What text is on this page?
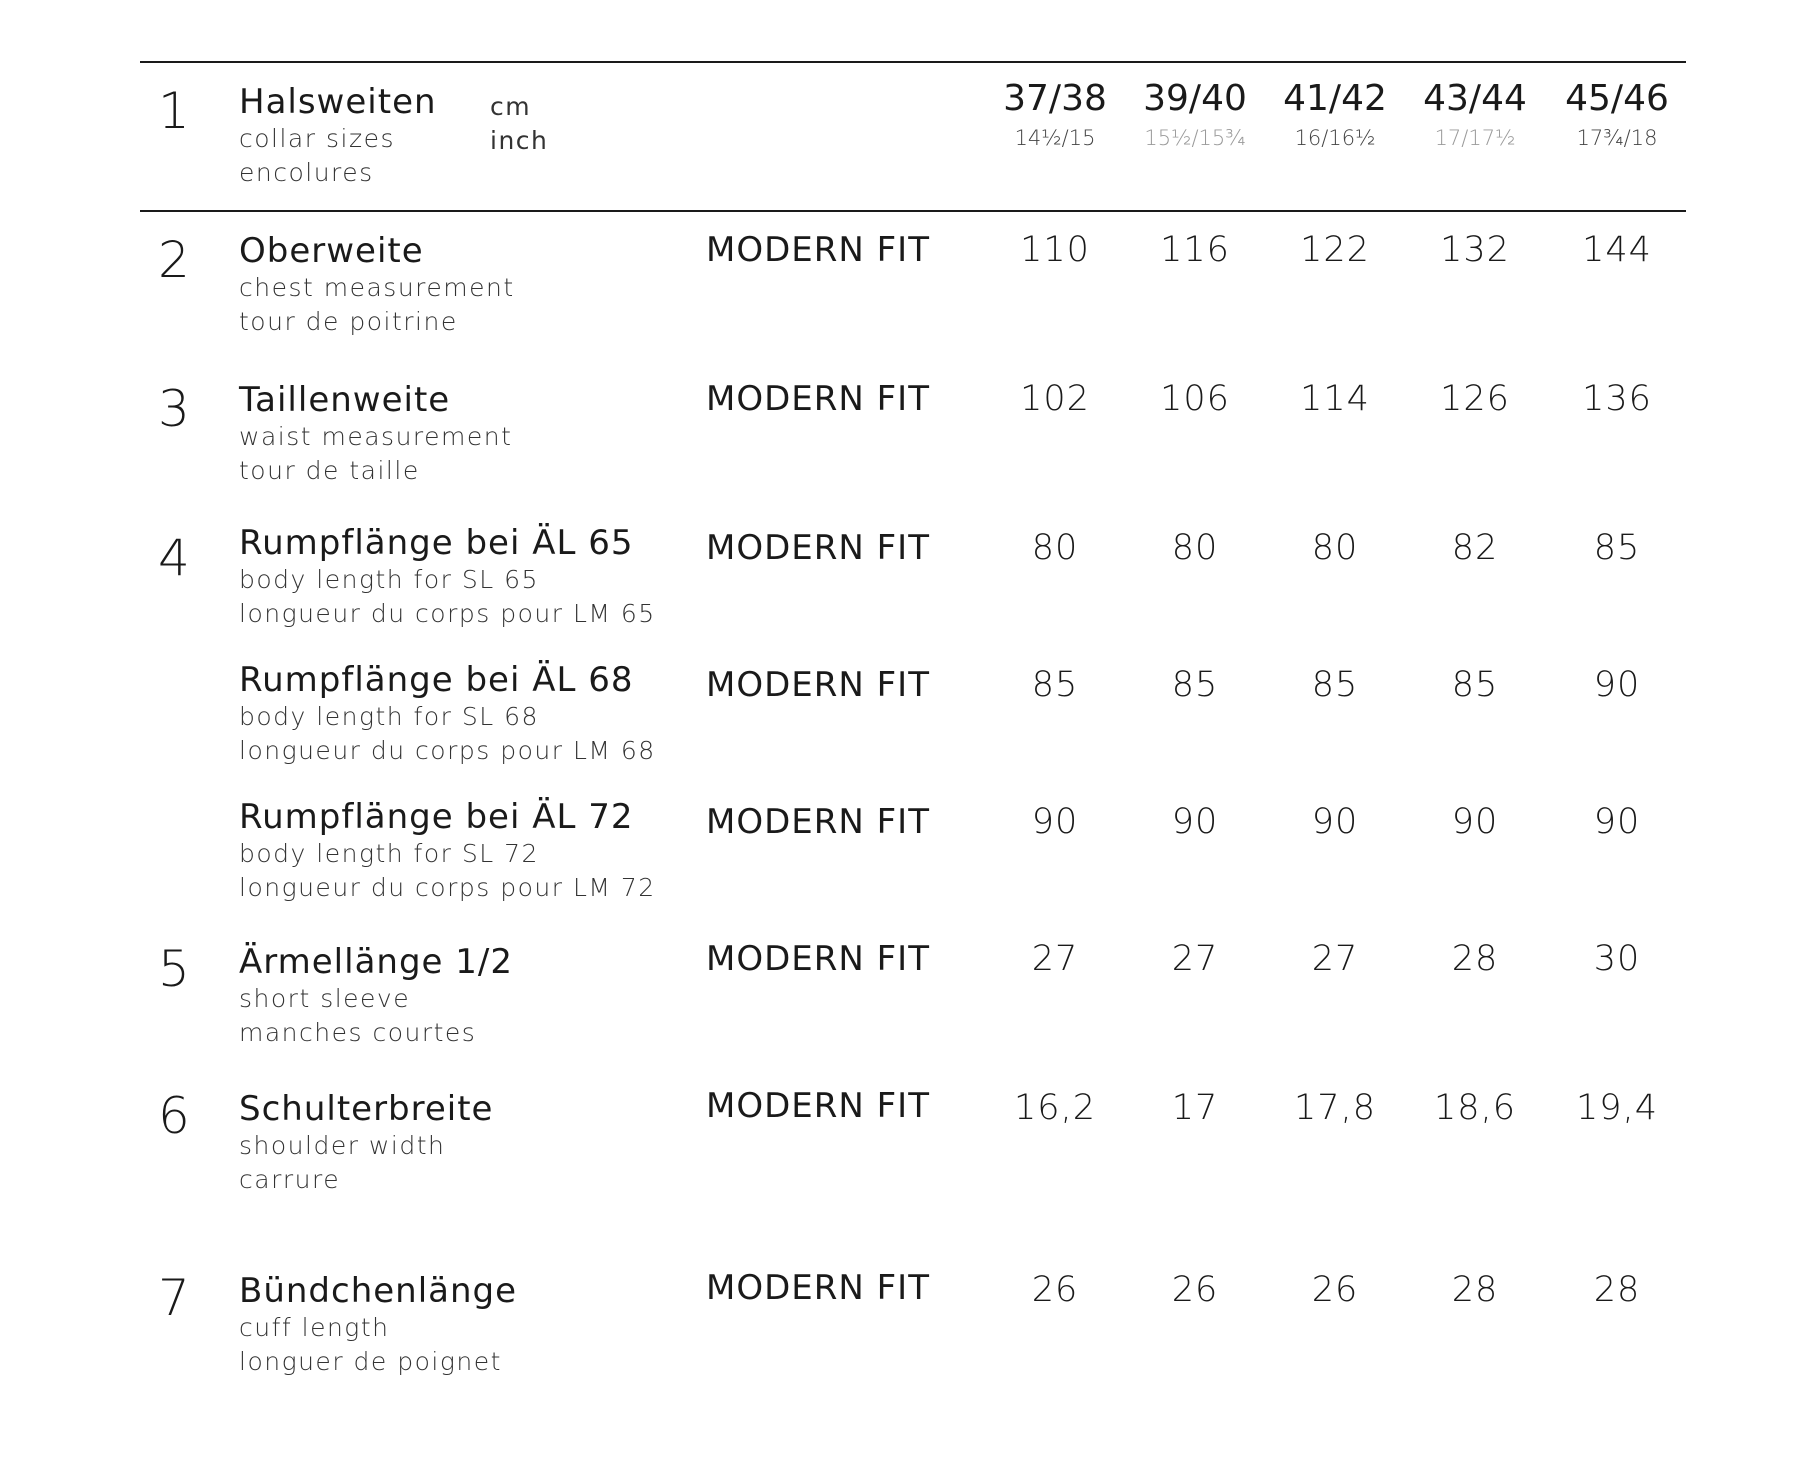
1 Halsweiten
collar sizes
encolures
cm
inch
37/38	39/40	41/42	43/44	45/46
14½/15	15½/15¾	16/16½	17/17½	17¾/18
2 Oberweite
chest measurement
tour de poitrine
MODERN FIT	110	116	122	132	144
3 Taillenweite
waist measurement
tour de taille
MODERN FIT	102	106	114	126	136
4 Rumpflänge bei ÄL 65
body length for SL 65
longueur du corps pour LM 65
MODERN FIT	80	80	80	82	85
Rumpflänge bei ÄL 68
body length for SL 68
longueur du corps pour LM 68
MODERN FIT	85	85	85	85	90
Rumpflänge bei ÄL 72
body length for SL 72
longueur du corps pour LM 72
MODERN FIT	90	90	90	90	90
5 Ärmellänge 1/2
short sleeve
manches courtes
MODERN FIT	27	27	27	28	30
6 Schulterbreite
shoulder width
carrure
MODERN FIT	16,2	17	17,8	18,6	19,4
7 Bündchenlänge
cuff length
longuer de poignet
MODERN FIT	26	26	26	28	28
